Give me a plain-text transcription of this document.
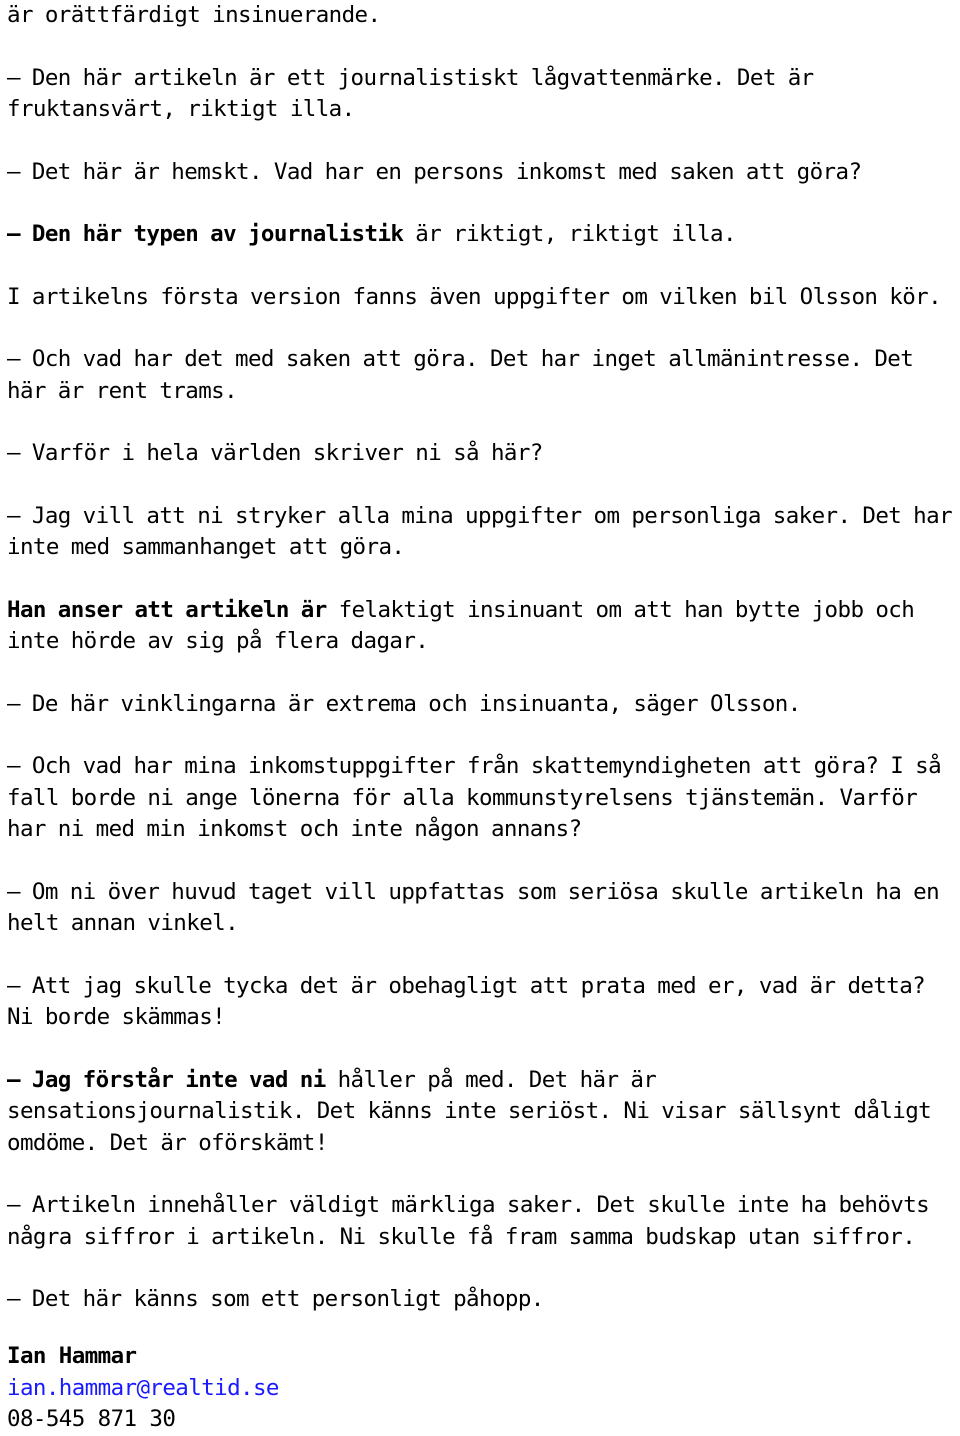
är orättfärdigt insinuerande.

– Den här artikeln är ett journalistiskt lågvattenmärke. Det är fruktansvärt, riktigt illa.

– Det här är hemskt. Vad har en persons inkomst med saken att göra?

– Den här typen av journalistik är riktigt, riktigt illa.

I artikelns första version fanns även uppgifter om vilken bil Olsson kör.

– Och vad har det med saken att göra. Det har inget allmänintresse. Det här är rent trams.

– Varför i hela världen skriver ni så här?

– Jag vill att ni stryker alla mina uppgifter om personliga saker. Det har inte med sammanhanget att göra.

Han anser att artikeln är felaktigt insinuant om att han bytte jobb och inte hörde av sig på flera dagar.

– De här vinklingarna är extrema och insinuanta, säger Olsson.

– Och vad har mina inkomstuppgifter från skattemyndigheten att göra? I så fall borde ni ange lönerna för alla kommunstyrelsens tjänstemän. Varför har ni med min inkomst och inte någon annans?

– Om ni över huvud taget vill uppfattas som seriösa skulle artikeln ha en helt annan vinkel.

– Att jag skulle tycka det är obehagligt att prata med er, vad är detta? Ni borde skämmas!

– Jag förstår inte vad ni håller på med. Det här är sensationsjournalistik. Det känns inte seriöst. Ni visar sällsynt dåligt omdöme. Det är oförskämt!

– Artikeln innehåller väldigt märkliga saker. Det skulle inte ha behövts några siffror i artikeln. Ni skulle få fram samma budskap utan siffror.

– Det här känns som ett personligt påhopp.

Ian Hammar
ian.hammar@realtid.se
08-545 871 30
